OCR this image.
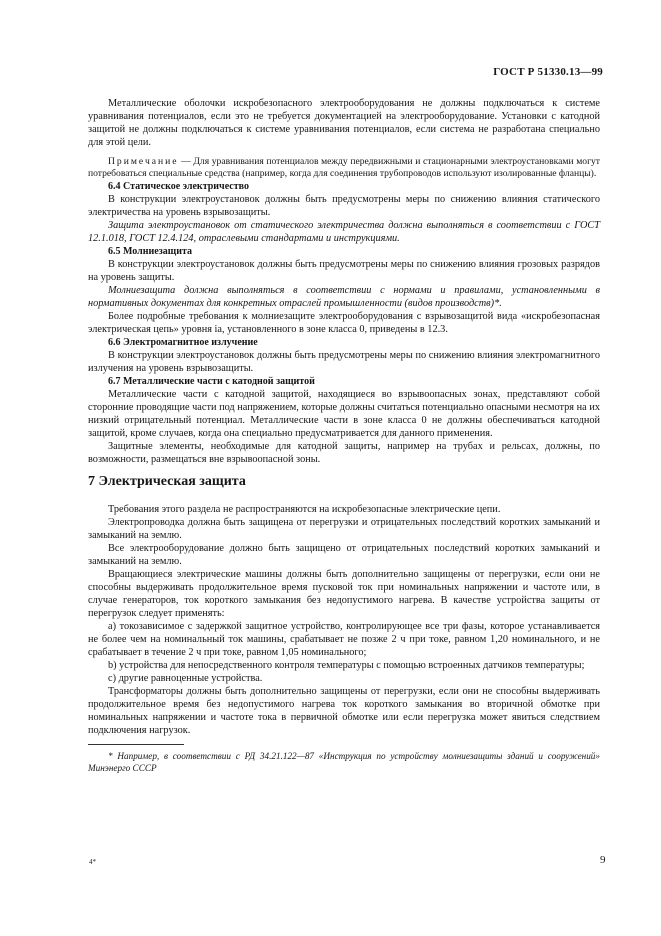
ГОСТ Р 51330.13—99

Металлические оболочки искробезопасного электрооборудования не должны подключаться к системе уравнивания потенциалов, если это не требуется документацией на электрооборудование. Установки с катодной защитой не должны подключаться к системе уравнивания потенциалов, если система не разработана специально для этой цели.

Примечание — Для уравнивания потенциалов между передвижными и стационарными электроустановками могут потребоваться специальные средства (например, когда для соединения трубопроводов используют изолированные фланцы).

6.4 Статическое электричество

В конструкции электроустановок должны быть предусмотрены меры по снижению влияния статического электричества на уровень взрывозащиты.

Защита электроустановок от статического электричества должна выполняться в соответствии с ГОСТ 12.1.018, ГОСТ 12.4.124, отраслевыми стандартами и инструкциями.

6.5 Молниезащита

В конструкции электроустановок должны быть предусмотрены меры по снижению влияния грозовых разрядов на уровень защиты.

Молниезащита должна выполняться в соответствии с нормами и правилами, установленными в нормативных документах для конкретных отраслей промышленности (видов производств)*.

Более подробные требования к молниезащите электрооборудования с взрывозащитой вида «искробезопасная электрическая цепь» уровня ia, установленного в зоне класса 0, приведены в 12.3.

6.6 Электромагнитное излучение

В конструкции электроустановок должны быть предусмотрены меры по снижению влияния электромагнитного излучения на уровень взрывозащиты.

6.7 Металлические части с катодной защитой

Металлические части с катодной защитой, находящиеся во взрывоопасных зонах, представляют собой сторонние проводящие части под напряжением, которые должны считаться потенциально опасными несмотря на их низкий отрицательный потенциал. Металлические части в зоне класса 0 не должны обеспечиваться катодной защитой, кроме случаев, когда она специально предусматривается для данного применения.

Защитные элементы, необходимые для катодной защиты, например на трубах и рельсах, должны, по возможности, размещаться вне взрывоопасной зоны.

7 Электрическая защита

Требования этого раздела не распространяются на искробезопасные электрические цепи.

Электропроводка должна быть защищена от перегрузки и отрицательных последствий коротких замыканий и замыканий на землю.

Все электрооборудование должно быть защищено от отрицательных последствий коротких замыканий и замыканий на землю.

Вращающиеся электрические машины должны быть дополнительно защищены от перегрузки, если они не способны выдерживать продолжительное время пусковой ток при номинальных напряжении и частоте или, в случае генераторов, ток короткого замыкания без недопустимого нагрева. В качестве устройства защиты от перегрузок следует применять:

a) токозависимое с задержкой защитное устройство, контролирующее все три фазы, которое устанавливается не более чем на номинальный ток машины, срабатывает не позже 2 ч при токе, равном 1,20 номинального, и не срабатывает в течение 2 ч при токе, равном 1,05 номинального;

b) устройства для непосредственного контроля температуры с помощью встроенных датчиков температуры;

c) другие равноценные устройства.

Трансформаторы должны быть дополнительно защищены от перегрузки, если они не способны выдерживать продолжительное время без недопустимого нагрева ток короткого замыкания во вторичной обмотке при номинальных напряжении и частоте тока в первичной обмотке или если перегрузка может явиться следствием подключения нагрузок.

* Например, в соответствии с РД 34.21.122—87 «Инструкция по устройству молниезащиты зданий и сооружений» Минэнерго СССР

4*	9
